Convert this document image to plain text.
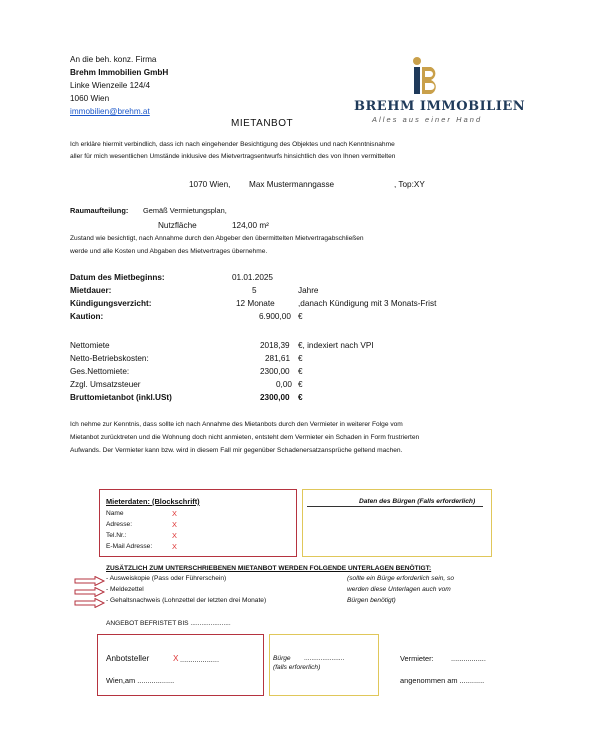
An die beh. konz. Firma
Brehm Immobilien GmbH
Linke Wienzeile 124/4
1060 Wien
immobilien@brehm.at	BREHM IMMOBILIEN
Alles aus einer Hand
MIETANBOT
Ich erkläre hiermit verbindlich, dass ich nach eingehender Besichtigung des Objektes und nach Kenntnisnahme
aller für mich wesentlichen Umstände inklusive des Mietvertragsentwurfs hinsichtlich des von Ihnen vermittelten
1070 Wien, Max Mustermanngasse	, Top:XY
Raumaufteilung: Gemäß Vermietungsplan,
Nutzfläche	124,00 m²
Zustand wie besichtigt, nach Annahme durch den Abgeber den übermittelten Mietvertragabschließen
werde und alle Kosten und Abgaben des Mietvertrages übernehme.
Datum des Mietbeginns:	01.01.2025
Mietdauer:	5	Jahre
Kündigungsverzicht:	12 Monate	,danach Kündigung mit 3 Monats-Frist
Kaution:	6.900,00 €
Nettomiete	2018,39 €, indexiert nach VPI
Netto-Betriebskosten:	281,61 €
Ges.Nettomiete:	2300,00 €
Zzgl. Umsatzsteuer	0,00 €
Bruttomietanbot (inkl.USt)	2300,00 €
Ich nehme zur Kenntnis, dass sollte ich nach Annahme des Mietanbots durch den Vermieter in weiterer Folge vom
Mietanbot zurücktreten und die Wohnung doch nicht anmieten, entsteht dem Vermieter ein Schaden in Form frustrierten
Aufwands. Der Vermieter kann bzw. wird in diesem Fall mir gegenüber Schadenersatzansprüche geltend machen.
Mieterdaten: (Blockschrift)
Name	X
Adresse:	X
Tel.Nr.:	X
E-Mail Adresse:	X
Daten des Bürgen (Falls erforderlich)
ZUSÄTZLICH ZUM UNTERSCHRIEBENEN MIETANBOT WERDEN FOLGENDE UNTERLAGEN BENÖTIGT:
- Ausweiskopie (Pass oder Führerschein)
- Meldezettel
- Gehaltsnachweis (Lohnzettel der letzten drei Monate)
(sollte ein Bürge erforderlich sein, so
werden diese Unterlagen auch vom
Bürgen benötigt)
ANGEBOT BEFRISTET BIS ......................
Anbotsteller	X ...................
Wien,am ..................
Bürge ......................
(falls erforerlich)
Vermieter: .................
angenommen am ............
